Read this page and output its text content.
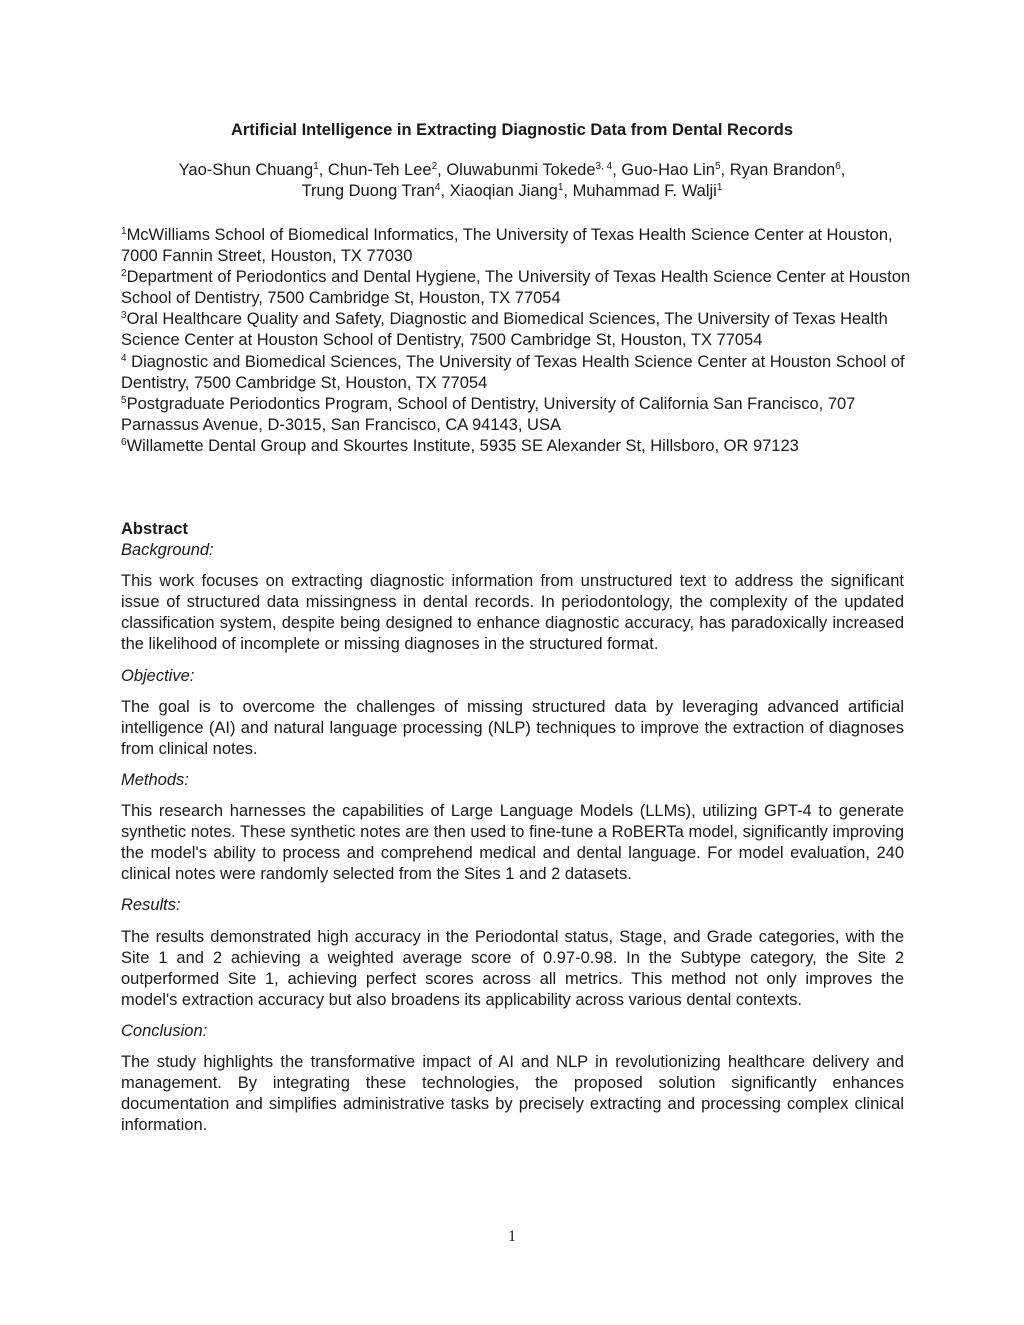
Artificial Intelligence in Extracting Diagnostic Data from Dental Records
Yao-Shun Chuang$^1$, Chun-Teh Lee$^2$, Oluwabunmi Tokede$^{3, 4}$, Guo-Hao Lin$^5$, Ryan Brandon$^6$,
Trung Duong Tran$^4$, Xiaoqian Jiang$^1$, Muhammad F. Walji$^1$
$^1$McWilliams School of Biomedical Informatics, The University of Texas Health Science Center at Houston, 7000 Fannin Street, Houston, TX 77030
$^2$Department of Periodontics and Dental Hygiene, The University of Texas Health Science Center at Houston School of Dentistry, 7500 Cambridge St, Houston, TX 77054
$^3$Oral Healthcare Quality and Safety, Diagnostic and Biomedical Sciences, The University of Texas Health Science Center at Houston School of Dentistry, 7500 Cambridge St, Houston, TX 77054
$^4$ Diagnostic and Biomedical Sciences, The University of Texas Health Science Center at Houston School of Dentistry, 7500 Cambridge St, Houston, TX 77054
$^5$Postgraduate Periodontics Program, School of Dentistry, University of California San Francisco, 707 Parnassus Avenue, D-3015, San Francisco, CA 94143, USA
$^6$Willamette Dental Group and Skourtes Institute, 5935 SE Alexander St, Hillsboro, OR 97123
Abstract
Background:
This work focuses on extracting diagnostic information from unstructured text to address the significant issue of structured data missingness in dental records. In periodontology, the complexity of the updated classification system, despite being designed to enhance diagnostic accuracy, has paradoxically increased the likelihood of incomplete or missing diagnoses in the structured format.
Objective:
The goal is to overcome the challenges of missing structured data by leveraging advanced artificial intelligence (AI) and natural language processing (NLP) techniques to improve the extraction of diagnoses from clinical notes.
Methods:
This research harnesses the capabilities of Large Language Models (LLMs), utilizing GPT-4 to generate synthetic notes. These synthetic notes are then used to fine-tune a RoBERTa model, significantly improving the model's ability to process and comprehend medical and dental language. For model evaluation, 240 clinical notes were randomly selected from the Sites 1 and 2 datasets.
Results:
The results demonstrated high accuracy in the Periodontal status, Stage, and Grade categories, with the Site 1 and 2 achieving a weighted average score of 0.97-0.98. In the Subtype category, the Site 2 outperformed Site 1, achieving perfect scores across all metrics. This method not only improves the model's extraction accuracy but also broadens its applicability across various dental contexts.
Conclusion:
The study highlights the transformative impact of AI and NLP in revolutionizing healthcare delivery and management. By integrating these technologies, the proposed solution significantly enhances documentation and simplifies administrative tasks by precisely extracting and processing complex clinical information.
1
